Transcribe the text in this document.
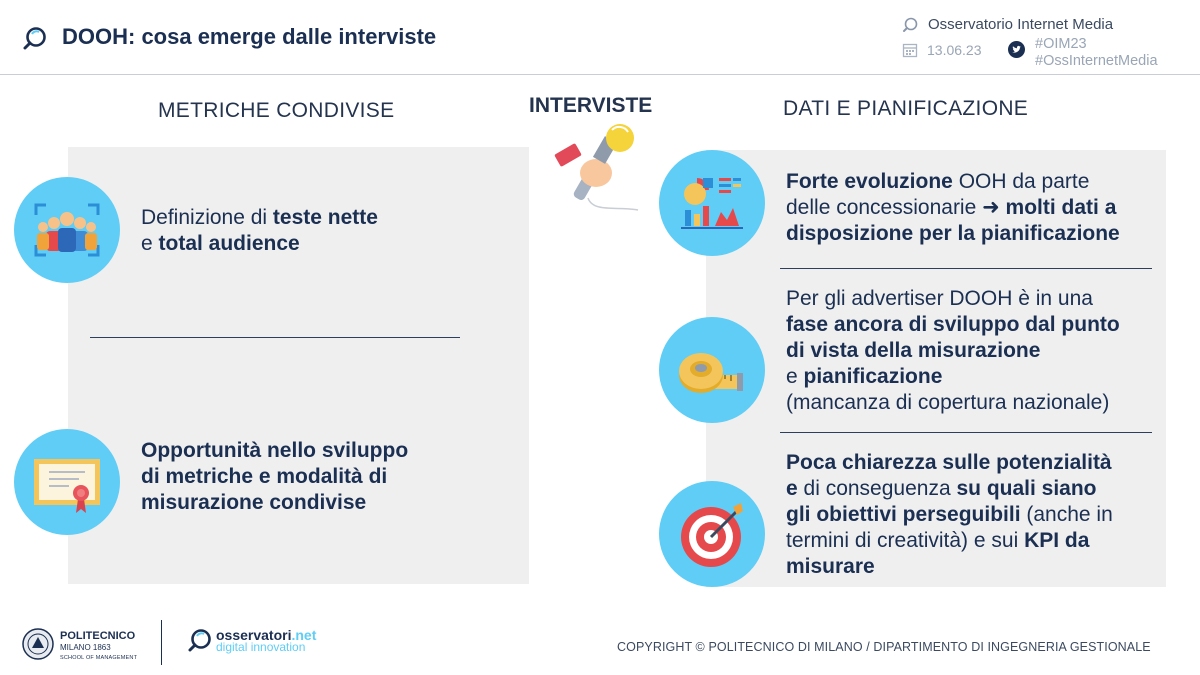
DOOH: cosa emerge dalle interviste	Osservatorio Internet Media
13.06.23	#OIM23
#OssInternetMedia
METRICHE CONDIVISE	INTERVISTE	DATI E PIANIFICAZIONE
Definizione di teste nette
e total audience
Opportunità nello sviluppo
di metriche e modalità di
misurazione condivise
Forte evoluzione OOH da parte
delle concessionarie ➜ molti dati a
disposizione per la pianificazione
Per gli advertiser DOOH è in una
fase ancora di sviluppo dal punto
di vista della misurazione
e pianificazione
(mancanza di copertura nazionale)
Poca chiarezza sulle potenzialità
e di conseguenza su quali siano
gli obiettivi perseguibili (anche in
termini di creatività) e sui KPI da
misurare
POLITECNICO
MILANO 1863
SCHOOL OF MANAGEMENT
osservatori.net
digital innovation	COPYRIGHT © POLITECNICO DI MILANO / DIPARTIMENTO DI INGEGNERIA GESTIONALE
